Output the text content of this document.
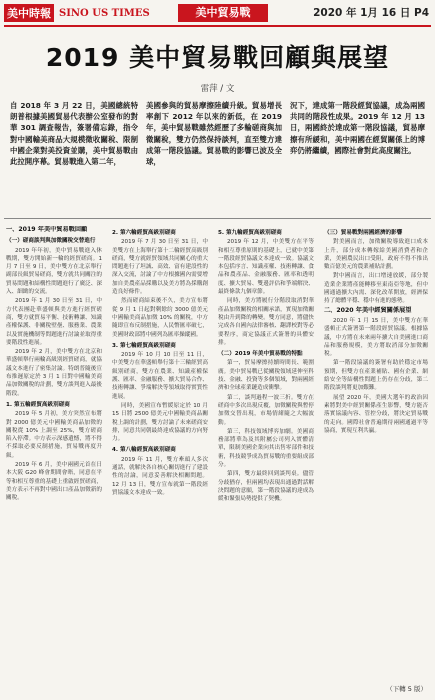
美中時報 SINO US TIMES	美中貿易戰	2020 年 1月 16 日 P4
2019 美中貿易戰回顧與展望
雷萍 / 文
自 2018 年 3 月 22 日，美國總統特朗普根據美國貿易代表辦公室發布的對華 301 調查報告，簽署備忘錄，指令對中國輸美商品大規模徵收關稅、限制中國企業對美投資並購，美中貿易戰由此拉開序幕。貿易戰進入第二年，
美國參與的貿易摩擦陸續升級。貿易增長率創下 2012 年以來的新低，在 2019 年，美中貿易戰雖然經歷了多輪磋商與加徵關稅，雙方仍然保持談判，直至雙方達成第一階段協議。貿易戰的影響已波及全球，
況下，達成第一階段經貿協議，成為兩國共同的階段性成果。2019 年 12 月 13 日，兩國終於達成第一階段協議，貿易摩擦有所緩和，美中兩國在經貿關係上的博弈仍將繼續，國際社會對此高度關注。

一、2019 年美中貿易戰回顧

（一）磋商談判與加徵關稅交替進行

2019 年年初，美中貿易戰進入休戰期，雙方開始新一輪的經貿磋商。1 月 7 日至 9 日，美中雙方在北京舉行副部長級貿易磋商，雙方就共同關注的貿易問題和結構性問題進行了廣泛、深入、細緻的交流。

2019 年 1 月 30 日至 31 日，中方代表團赴華盛頓與美方進行經貿磋商，雙方就貿易平衡、技術轉讓、知識產權保護、非關稅壁壘、服務業、農業以及實施機制等問題進行討論並取得重要階段性進展。

2019 年 2 月，美中雙方在北京和華盛頓舉行兩輪高級別經貿磋商，就協議文本進行了密集討論。特朗普隨後宣布推遲原定於 3 月 1 日對中國輸美商品加徵關稅的計劃，雙方談判進入最後階段。

1. 第五輪經貿高級別磋商

2019 年 5 月初，美方突然宣布將對 2000 億美元中國輸美商品加徵的關稅從 10% 上調至 25%，雙方磋商陷入停滯。中方表示深感遺憾，將不得不採取必要反制措施，貿易戰再度升級。

2019 年 6 月，美中兩國元首在日本大阪 G20 峰會期間會晤，同意在平等和相互尊重的基礎上重啟經貿磋商，美方表示不再對中國出口產品加徵新的關稅。

2. 第六輪經貿高級別磋商

2019 年 7 月 30 日至 31 日，中美雙方在上海舉行第十二輪經貿高級別磋商，雙方就經貿領域共同關心的重大問題進行了坦誠、高效、富有建設性的深入交流，討論了中方根據國內需要增加自美農產品採購以及美方將為採購創造良好條件。

然而磋商結束後不久，美方宣布將從 9 月 1 日起對剩餘約 3000 億美元中國輸美商品加徵 10% 的關稅，中方隨即宣布反制措施，人民幣匯率破七，美國財政部將中國列為匯率操縱國。

3. 第七輪經貿高級別磋商

2019 年 10 月 10 日至 11 日，中美雙方在華盛頓舉行第十三輪經貿高級別磋商，雙方在農業、知識產權保護、匯率、金融服務、擴大貿易合作、技術轉讓、爭端解決等領域取得實質性進展。

同時，美國宣布暫緩原定於 10 月 15 日將 2500 億美元中國輸美商品關稅上調的計劃，雙方討論了未來磋商安排，同意共同朝最終達成協議的方向努力。

4. 第八輪經貿高級別磋商

2019 年 11 月，雙方牽頭人多次通話，就解決各自核心關切進行了建設性的討論，同意妥善解決相關問題。12 月 13 日，雙方宣布就第一階段經貿協議文本達成一致。

5. 第九輪經貿高級別磋商

2019 年 12 月，中美雙方在平等和相互尊重原則的基礎上，已就中美第一階段經貿協議文本達成一致。協議文本包括序言、知識產權、技術轉讓、食品和農產品、金融服務、匯率和透明度、擴大貿易、雙邊評估和爭端解決、最終條款九個章節。

同時，美方將履行分階段取消對華產品加徵關稅的相關承諾，實現加徵關稅由升到降的轉變。雙方同意，將儘快完成各自國內法律審核、翻譯校對等必要程序，商定協議正式簽署的具體安排。

（二）2019 年美中貿易戰的特點

第一，貿易摩擦持續時間長、範圍廣。美中貿易戰已從關稅領域延伸至科技、金融、投資等多個領域，對兩國經濟和全球產業鏈造成衝擊。

第二，談判過程一波三折。雙方在磋商中多次出現反覆，加徵關稅與暫停加徵交替出現，市場情緒隨之大幅波動。

第三，科技領域博弈加劇。美國商務部將華為及其附屬公司列入實體清單，限制美國企業向其出售零部件和技術，科技競爭成為貿易戰的重要組成部分。

第四，雙方最終回到談判桌。儘管分歧猶存，但兩國均表現出通過對話解決問題的意願，第一階段協議的達成為緩和緊張局勢提供了契機。

（三）貿易戰對兩國經濟的影響

對美國而言，加徵關稅導致進口成本上升，部分成本轉嫁給美國消費者和企業，美國農民出口受阻，政府不得不推出數百億美元的農業補貼計劃。

對中國而言，出口增速放緩，部分製造業企業將產能轉移至東南亞等地，但中國通過擴大內需、深化改革開放，經濟保持了總體平穩、穩中有進的態勢。

二、2020 年美中經貿關係展望

2020 年 1 月 15 日，美中雙方在華盛頓正式簽署第一階段經貿協議。根據協議，中方將在未來兩年擴大自美國進口商品和服務規模，美方將取消部分加徵關稅。

第一階段協議的簽署有助於穩定市場預期，但雙方在產業補貼、國有企業、網絡安全等結構性問題上仍存在分歧，第二階段談判將更加艱難。

展望 2020 年，美國大選年的政治因素將對美中經貿關係產生影響，雙方能否落實協議內容、管控分歧，將決定貿易戰的走向。國際社會普遍期待兩國通過平等協商，實現互利共贏。

（下轉 5 版）
